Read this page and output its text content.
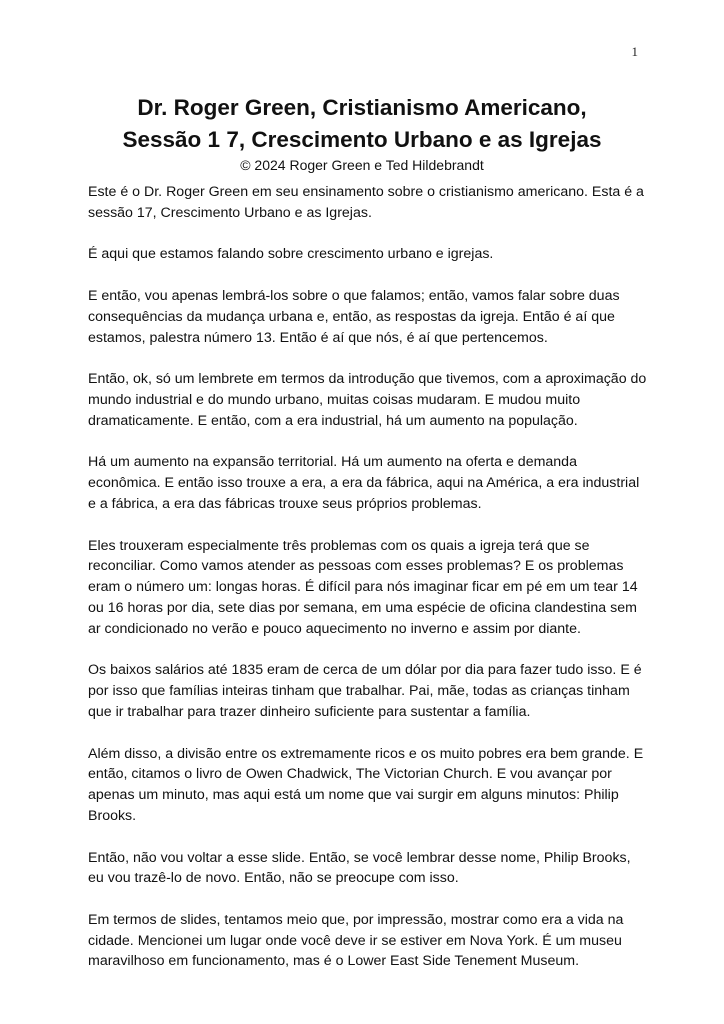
1

Dr. Roger Green, Cristianismo Americano,

Sessão 1 7, Crescimento Urbano e as Igrejas

© 2024 Roger Green e Ted Hildebrandt

Este é o Dr. Roger Green em seu ensinamento sobre o cristianismo americano. Esta é a sessão 17, Crescimento Urbano e as Igrejas.

É aqui que estamos falando sobre crescimento urbano e igrejas.

E então, vou apenas lembrá-los sobre o que falamos; então, vamos falar sobre duas consequências da mudança urbana e, então, as respostas da igreja. Então é aí que estamos, palestra número 13. Então é aí que nós, é aí que pertencemos.

Então, ok, só um lembrete em termos da introdução que tivemos, com a aproximação do mundo industrial e do mundo urbano, muitas coisas mudaram. E mudou muito dramaticamente. E então, com a era industrial, há um aumento na população.

Há um aumento na expansão territorial. Há um aumento na oferta e demanda econômica. E então isso trouxe a era, a era da fábrica, aqui na América, a era industrial e a fábrica, a era das fábricas trouxe seus próprios problemas.

Eles trouxeram especialmente três problemas com os quais a igreja terá que se reconciliar. Como vamos atender as pessoas com esses problemas? E os problemas eram o número um: longas horas. É difícil para nós imaginar ficar em pé em um tear 14 ou 16 horas por dia, sete dias por semana, em uma espécie de oficina clandestina sem ar condicionado no verão e pouco aquecimento no inverno e assim por diante.

Os baixos salários até 1835 eram de cerca de um dólar por dia para fazer tudo isso. E é por isso que famílias inteiras tinham que trabalhar. Pai, mãe, todas as crianças tinham que ir trabalhar para trazer dinheiro suficiente para sustentar a família.

Além disso, a divisão entre os extremamente ricos e os muito pobres era bem grande. E então, citamos o livro de Owen Chadwick, The Victorian Church. E vou avançar por apenas um minuto, mas aqui está um nome que vai surgir em alguns minutos: Philip Brooks.

Então, não vou voltar a esse slide. Então, se você lembrar desse nome, Philip Brooks, eu vou trazê-lo de novo. Então, não se preocupe com isso.

Em termos de slides, tentamos meio que, por impressão, mostrar como era a vida na cidade. Mencionei um lugar onde você deve ir se estiver em Nova York. É um museu maravilhoso em funcionamento, mas é o Lower East Side Tenement Museum.
